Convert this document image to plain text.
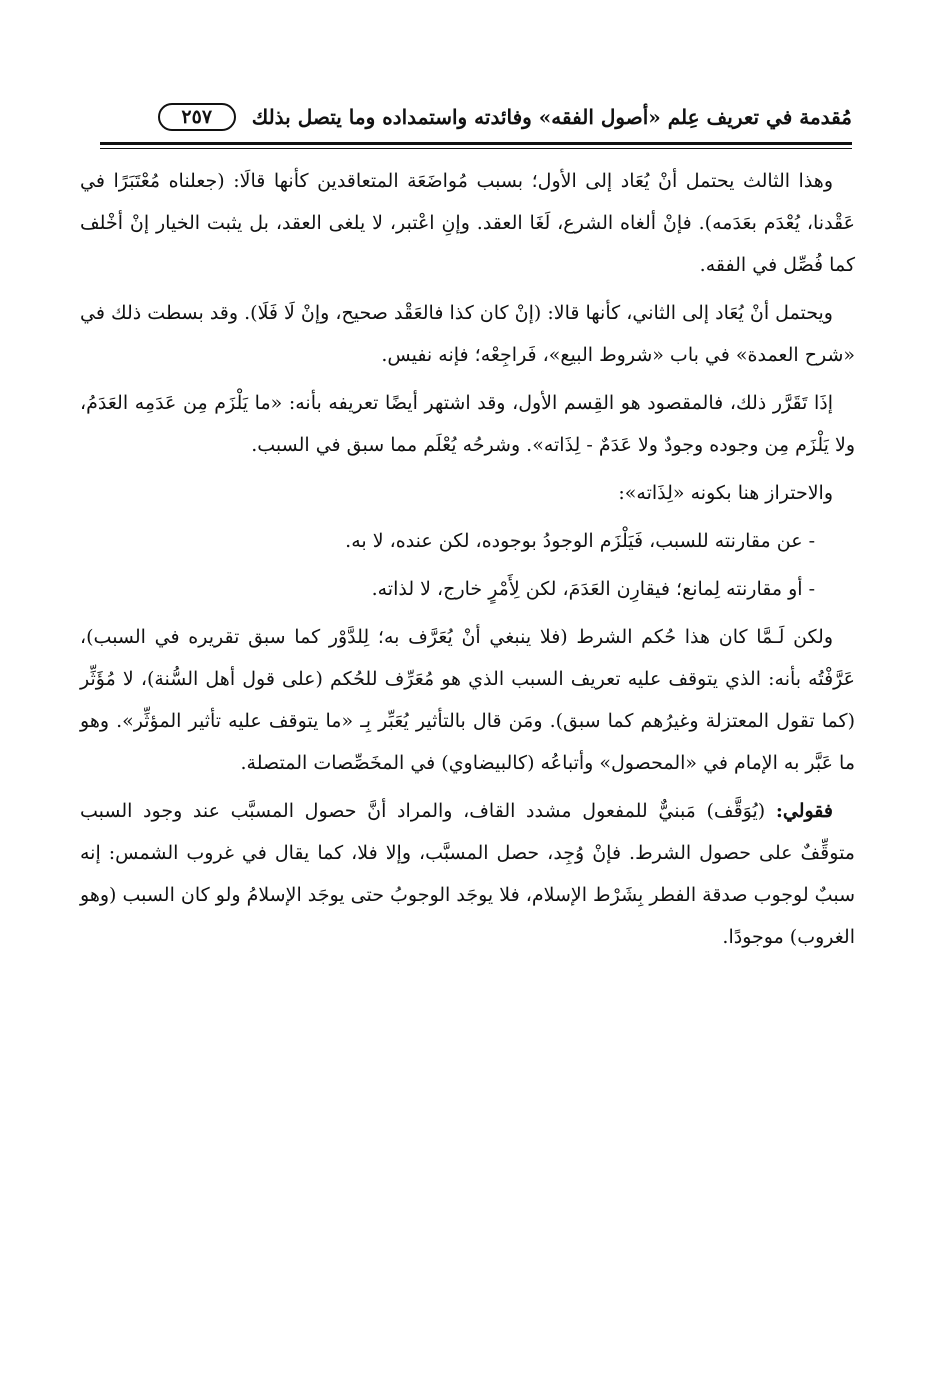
مُقدمة في تعريف عِلم «أصول الفقه» وفائدته واستمداده وما يتصل بذلك
٢٥٧

وهذا الثالث يحتمل أنْ يُعَاد إلى الأول؛ بسبب مُواضَعَة المتعاقدين كأنها قالَا: (جعلناه مُعْتَبَرًا في عَقْدنا، يُعْدَم بعَدَمه). فإنْ ألغاه الشرع، لَغَا العقد. وإنِ اعْتبر، لا يلغى العقد، بل يثبت الخيار إنْ أخْلف كما فُصِّل في الفقه.

ويحتمل أنْ يُعَاد إلى الثاني، كأنها قالا: (إنْ كان كذا فالعَقْد صحيح، وإنْ لَا فَلَا). وقد بسطت ذلك في «شرح العمدة» في باب «شروط البيع»، فَراجِعْه؛ فإنه نفيس.

إذَا تَقَرَّر ذلك، فالمقصود هو القِسم الأول، وقد اشتهر أيضًا تعريفه بأنه: «ما يَلْزَم مِن عَدَمِه العَدَمُ، ولا يَلْزَم مِن وجوده وجودٌ ولا عَدَمٌ - لِذَاته». وشرحُه يُعْلَم مما سبق في السبب.

والاحتراز هنا بكونه «لِذَاته»:

- عن مقارنته للسبب، فَيَلْزَم الوجودُ بوجوده، لكن عنده، لا به.

- أو مقارنته لِمانع؛ فيقارِن العَدَمَ، لكن لِأَمْرٍ خارج، لا لذاته.

ولكن لَـمَّا كان هذا حُكم الشرط (فلا ينبغي أنْ يُعَرَّف به؛ لِلدَّوْر كما سبق تقريره في السبب)، عَرَّفْتُه بأنه: الذي يتوقف عليه تعريف السبب الذي هو مُعَرِّف للحُكم (على قول أهل السُّنة)، لا مُؤَثِّر (كما تقول المعتزلة وغيرُهم كما سبق). ومَن قال بالتأثير يُعَبِّر بِـ «ما يتوقف عليه تأثير المؤثِّر». وهو ما عَبَّر به الإمام في «المحصول» وأتباعُه (كالبيضاوي) في المخَصِّصات المتصلة.

فقولي: (يُوَقَّف) مَبنيٌّ للمفعول مشدد القاف، والمراد أنَّ حصول المسبَّب عند وجود السبب متوقِّفٌ على حصول الشرط. فإنْ وُجِد، حصل المسبَّب، وإلا فلا، كما يقال في غروب الشمس: إنه سببٌ لوجوب صدقة الفطر بِشَرْط الإسلام، فلا يوجَد الوجوبُ حتى يوجَد الإسلامُ ولو كان السبب (وهو الغروب) موجودًا.
